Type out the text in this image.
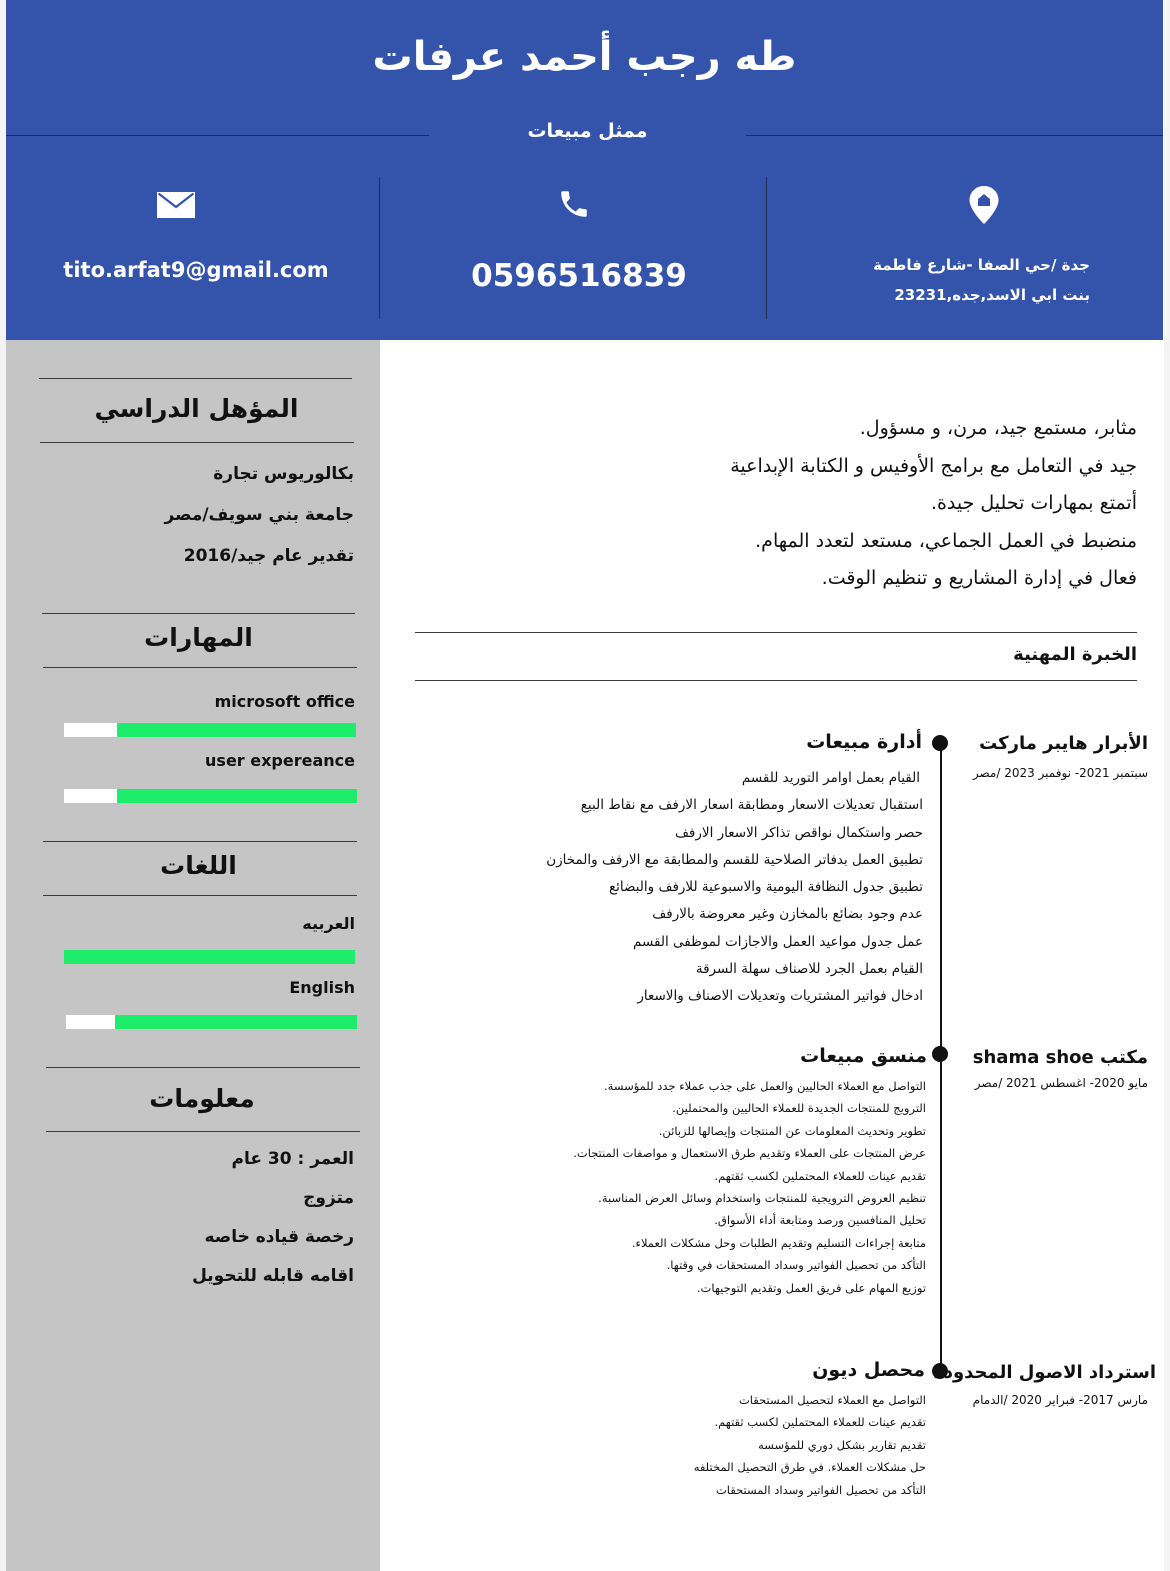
طه رجب أحمد عرفات
ممثل مبيعات
جدة /حي الصفا -شارع فاطمة
بنت ابي الاسد,جده,23231
0596516839
tito.arfat9@gmail.com
المؤهل الدراسي
بكالوريوس تجارة
جامعة بني سويف/مصر
تقدير عام جيد/2016
المهارات
microsoft office
user expereance
اللغات
العربيه
English
معلومات
العمر : 30 عام
متزوج
رخصة قياده خاصه
اقامه قابله للتحويل
مثابر، مستمع جيد، مرن، و مسؤول.
جيد في التعامل مع برامج الأوفيس و الكتابة الإبداعية
أتمتع بمهارات تحليل جيدة.
منضبط في العمل الجماعي، مستعد لتعدد المهام.
فعال في إدارة المشاريع و تنظيم الوقت.
الخبرة المهنية
الأبرار هايبر ماركت
سبتمبر 2021- نوفمبر 2023 /مصر
أدارة مبيعات
القيام بعمل اوامر التوريد للقسم
استقبال تعديلات الاسعار ومطابقة اسعار الارفف مع نقاط البيع
حصر واستكمال نواقص تذاكر الاسعار الارفف
تطبيق العمل بدفاتر الصلاحية للقسم والمطابقة مع الارفف والمخازن
تطبيق جدول النظافة اليومية والاسبوعية للارفف والبضائع
عدم وجود بضائع بالمخازن وغير معروضة بالارفف
عمل جدول مواعيد العمل والاجازات لموظفى القسم
القيام بعمل الجرد للاصناف سهلة السرقة
ادخال فواتير المشتريات وتعديلات الاصناف والاسعار
مكتب shama shoe
مايو 2020- اغسطس 2021 /مصر
منسق مبيعات
التواصل مع العملاء الحاليين والعمل على جذب عملاء جدد للمؤسسة.
الترويج للمنتجات الجديدة للعملاء الحاليين والمحتملين.
تطوير وتحديث المعلومات عن المنتجات وإيصالها للزبائن.
عرض المنتجات على العملاء وتقديم طرق الاستعمال و مواصفات المنتجات.
تقديم عينات للعملاء المحتملين لكسب ثقتهم.
تنظيم العروض الترويجية للمنتجات واستخدام وسائل العرض المناسبة.
تحليل المنافسين ورصد ومتابعة أداء الأسواق.
متابعة إجراءات التسليم وتقديم الطلبات وحل مشكلات العملاء.
التأكد من تحصيل الفواتير وسداد المستحقات في وقتها.
توزيع المهام على فريق العمل وتقديم التوجيهات.
استرداد الاصول المحدوده
مارس 2017- فبراير 2020 /الدمام
محصل ديون
التواصل مع العملاء لتحصيل المستحقات
تقديم عينات للعملاء المحتملين لكسب ثقتهم.
تقديم تقارير بشكل دوري للمؤسسه
حل مشكلات العملاء. في طرق التحصيل المختلفه
التأكد من تحصيل الفواتير وسداد المستحقات
